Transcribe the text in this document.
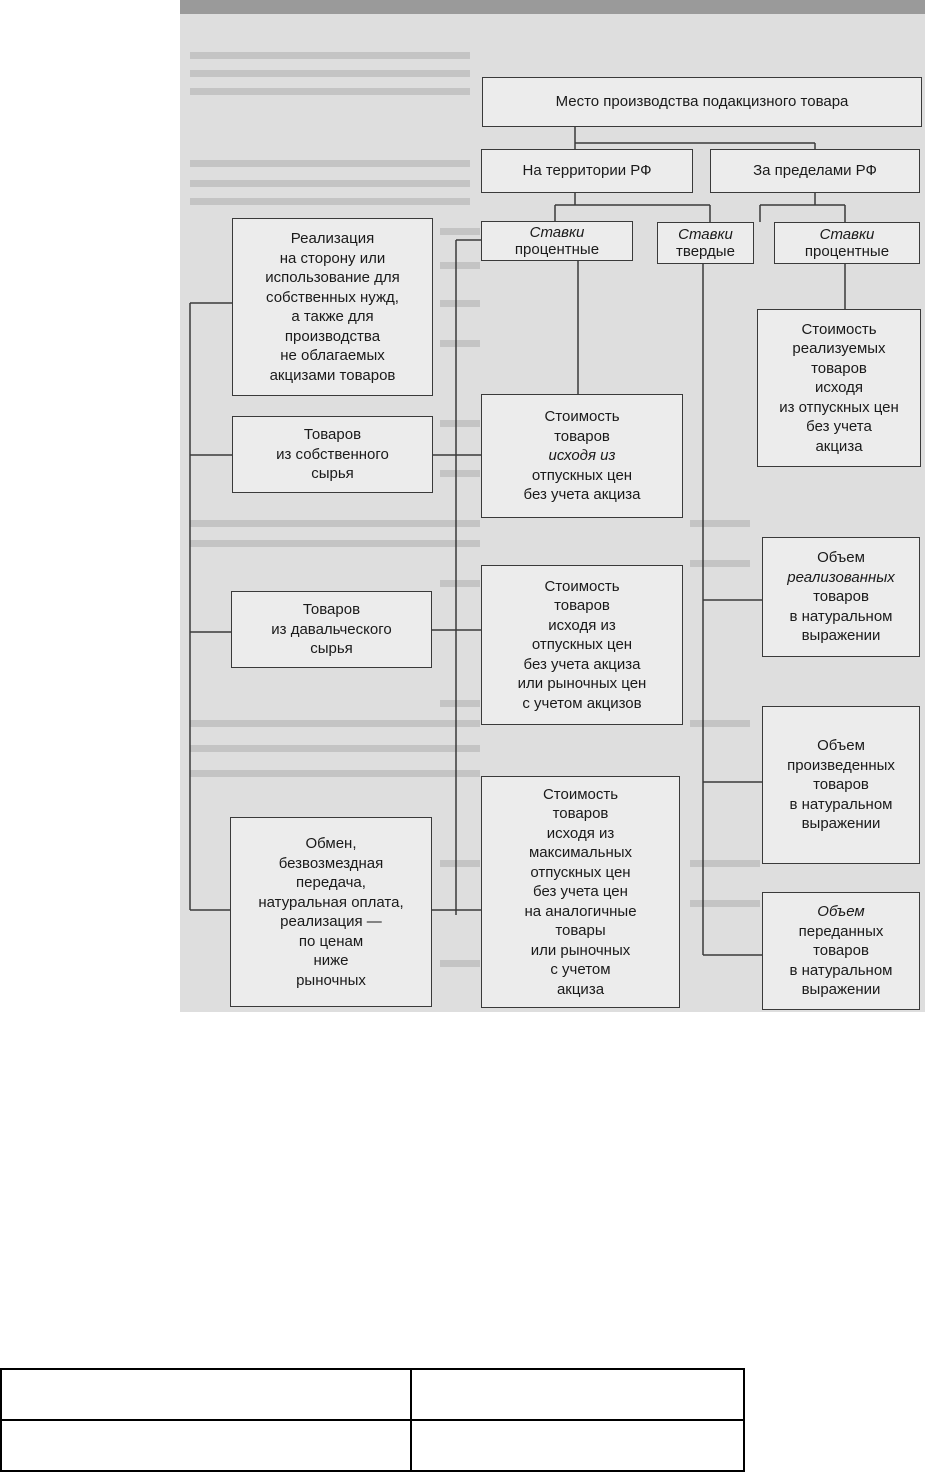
Место производства подакцизного товара
На территории РФ	За пределами РФ
Ставки
процентные
Ставки
твердые
Ставки
процентные
Реализация
на сторону или
использование для
собственных нужд,
а также для
производства
не облагаемых
акцизами товаров
Товаров
из собственного
сырья
Товаров
из давальческого
сырья
Обмен,
безвозмездная
передача,
натуральная оплата,
реализация —
по ценам
ниже
рыночных
Стоимость
товаров
исходя из
отпускных цен
без учета акциза
Стоимость
товаров
исходя из
отпускных цен
без учета акциза
или рыночных цен
с учетом акцизов
Стоимость
товаров
исходя из
максимальных
отпускных цен
без учета цен
на аналогичные
товары
или рыночных
с учетом
акциза
Стоимость
реализуемых
товаров
исходя
из отпускных цен
без учета
акциза
Объем
реализованных
товаров
в натуральном
выражении
Объем
произведенных
товаров
в натуральном
выражении
Объем
переданных
товаров
в натуральном
выражении
